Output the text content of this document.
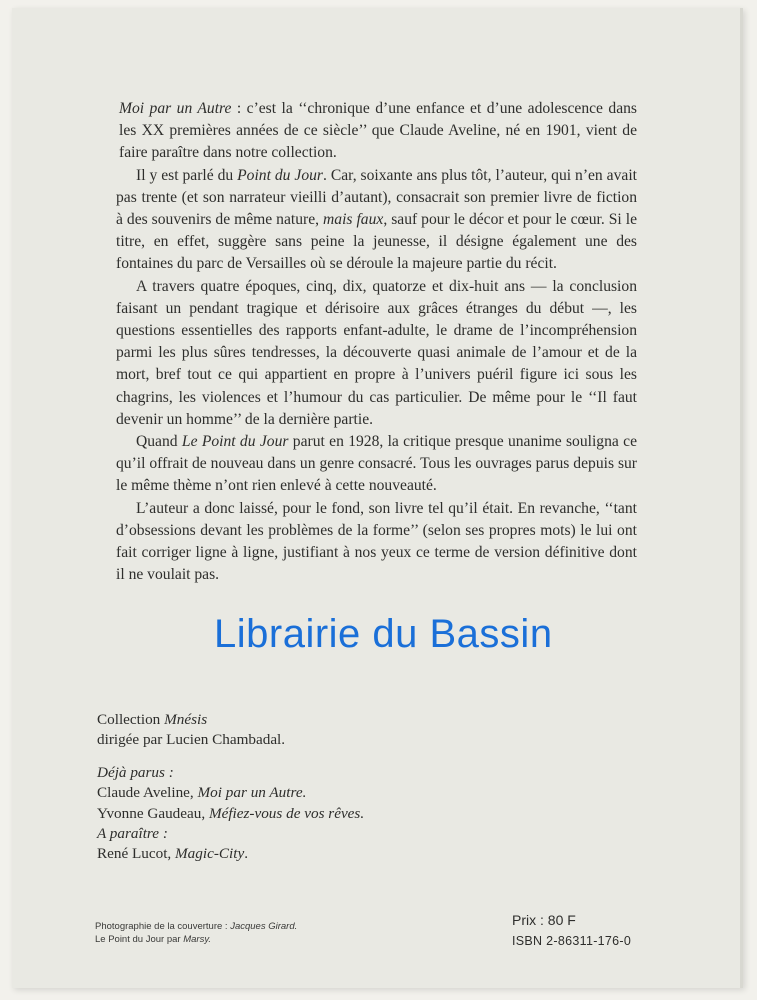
Moi par un Autre : c’est la ‘‘chronique d’une enfance et d’une adolescence dans les XX premières années de ce siècle’’ que Claude Aveline, né en 1901, vient de faire paraître dans notre collection.

Il y est parlé du Point du Jour. Car, soixante ans plus tôt, l’auteur, qui n’en avait pas trente (et son narrateur vieilli d’autant), consacrait son premier livre de fiction à des souvenirs de même nature, mais faux, sauf pour le décor et pour le cœur. Si le titre, en effet, suggère sans peine la jeunesse, il désigne également une des fontaines du parc de Versailles où se déroule la majeure partie du récit.

A travers quatre époques, cinq, dix, quatorze et dix-huit ans — la conclusion faisant un pendant tragique et dérisoire aux grâces étranges du début —, les questions essentielles des rapports enfant-adulte, le drame de l’incompréhension parmi les plus sûres tendresses, la découverte quasi animale de l’amour et de la mort, bref tout ce qui appartient en propre à l’univers puéril figure ici sous les chagrins, les violences et l’humour du cas particulier. De même pour le ‘‘Il faut devenir un homme’’ de la dernière partie.

Quand Le Point du Jour parut en 1928, la critique presque unanime souligna ce qu’il offrait de nouveau dans un genre consacré. Tous les ouvrages parus depuis sur le même thème n’ont rien enlevé à cette nouveauté.

L’auteur a donc laissé, pour le fond, son livre tel qu’il était. En revanche, ‘‘tant d’obsessions devant les problèmes de la forme’’ (selon ses propres mots) le lui ont fait corriger ligne à ligne, justifiant à nos yeux ce terme de version définitive dont il ne voulait pas.

Librairie du Bassin
Collection Mnésis
dirigée par Lucien Chambadal.
Déjà parus :
Claude Aveline, Moi par un Autre.
Yvonne Gaudeau, Méfiez-vous de vos rêves.
A paraître :
René Lucot, Magic-City.
Photographie de la couverture : Jacques Girard.
Le Point du Jour par Marsy.
Prix : 80 F
ISBN 2-86311-176-0
